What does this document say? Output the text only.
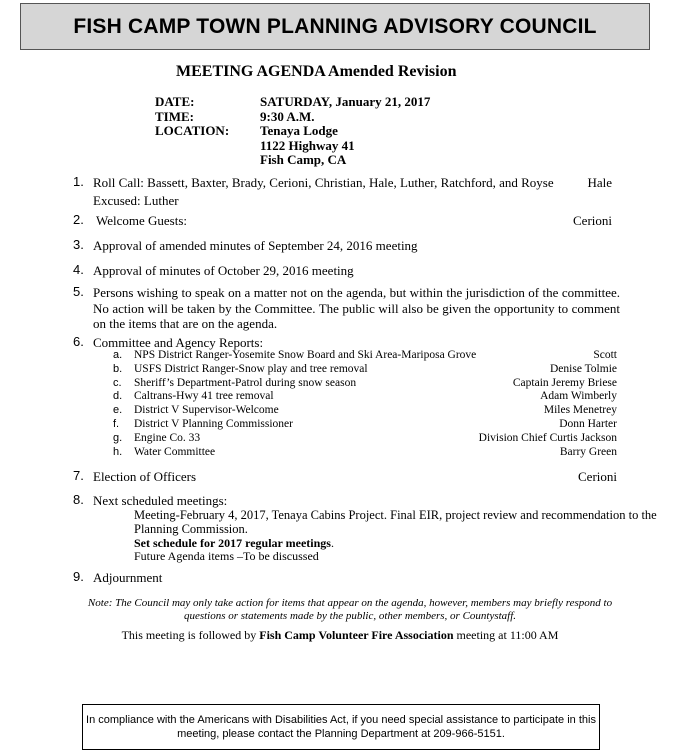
FISH CAMP TOWN PLANNING ADVISORY COUNCIL
MEETING AGENDA Amended Revision
DATE:	SATURDAY, January 21, 2017
TIME:	9:30 A.M.
LOCATION:	Tenaya Lodge
1122 Highway 41
Fish Camp, CA
1. Roll Call: Bassett, Baxter, Brady, Cerioni, Christian, Hale, Luther, Ratchford, and Royse	Hale
Excused: Luther
2. Welcome Guests:	Cerioni
3. Approval of amended minutes of September 24, 2016 meeting
4. Approval of minutes of October 29, 2016 meeting
5. Persons wishing to speak on a matter not on the agenda, but within the jurisdiction of the committee. No action will be taken by the Committee. The public will also be given the opportunity to comment on the items that are on the agenda.
6. Committee and Agency Reports:
a. NPS District Ranger-Yosemite Snow Board and Ski Area-Mariposa Grove	Scott
b. USFS District Ranger-Snow play and tree removal	Denise Tolmie
c. Sheriff’s Department-Patrol during snow season	Captain Jeremy Briese
d. Caltrans-Hwy 41 tree removal	Adam Wimberly
e. District V Supervisor-Welcome	Miles Menetrey
f. District V Planning Commissioner	Donn Harter
g. Engine Co. 33	Division Chief Curtis Jackson
h. Water Committee	Barry Green
7. Election of Officers	Cerioni
8. Next scheduled meetings:
Meeting-February 4, 2017, Tenaya Cabins Project. Final EIR, project review and recommendation to the
Planning Commission.
Set schedule for 2017 regular meetings.
Future Agenda items –To be discussed
9. Adjournment
Note: The Council may only take action for items that appear on the agenda, however, members may briefly respond to questions or statements made by the public, other members, or Countystaff.
This meeting is followed by Fish Camp Volunteer Fire Association meeting at 11:00 AM
In compliance with the Americans with Disabilities Act, if you need special assistance to participate in this
meeting, please contact the Planning Department at 209-966-5151.
